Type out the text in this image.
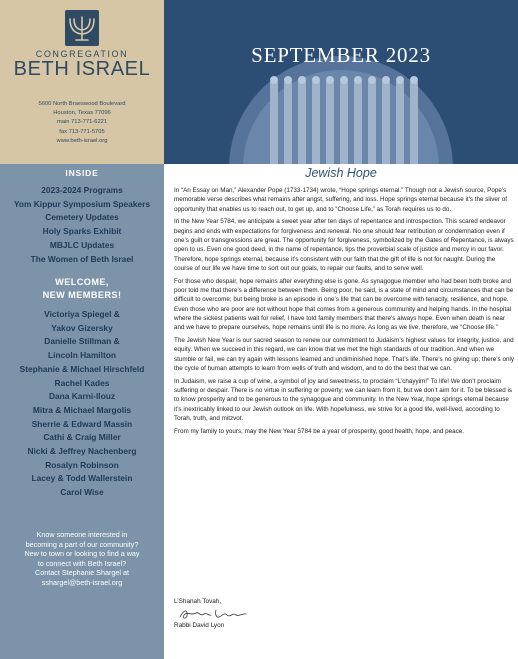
CONGREGATION
BETH ISRAEL
5600 North Braeswood Boulevard
Houston, Texas 77096
main 713-771-6221
fax 713-771-5705
www.beth-israel.org
INSIDE
2023-2024 Programs
Yom Kippur Symposium Speakers
Cemetery Updates
Holy Sparks Exhibit
MBJLC Updates
The Women of Beth Israel
WELCOME,
NEW MEMBERS!
Victoriya Spiegel &
Yakov Gizersky
Danielle Stillman &
Lincoln Hamilton
Stephanie & Michael Hirschfeld
Rachel Kades
Dana Karni-Ilouz
Mitra & Michael Margolis
Sherrie & Edward Massin
Cathi & Craig Miller
Nicki & Jeffrey Nachenberg
Rosalyn Robinson
Lacey & Todd Wallerstein
Carol Wise
Know someone interested in
becoming a part of our community?
New to town or looking to find a way
to connect with Beth Israel?
Contact Stephanie Shargel at
sshargel@beth-israel.org
SEPTEMBER 2023
Jewish Hope

In “An Essay on Man,” Alexander Pope (1733-1734) wrote, “Hope springs eternal.” Though not a Jewish source, Pope’s memorable verse describes what remains after angst, suffering, and loss. Hope springs eternal because it’s the sliver of opportunity that enables us to reach out, to get up, and to “Choose Life,” as Torah requires us to do.

In the New Year 5784, we anticipate a sweet year after ten days of repentance and introspection. This scared endeavor begins and ends with expectations for forgiveness and renewal. No one should fear retribution or condemnation even if one’s guilt or transgressions are great. The opportunity for forgiveness, symbolized by the Gates of Repentance, is always open to us. Even one good deed, in the name of repentance, tips the proverbial scale of justice and mercy in our favor. Therefore, hope springs eternal, because it’s consistent with our faith that the gift of life is not for naught. During the course of our life we have time to sort out our goals, to repair our faults, and to serve well.

For those who despair, hope remains after everything else is gone. As synagogue member who had been both broke and poor told me that there’s a difference between them. Being poor, he said, is a state of mind and circumstances that can be difficult to overcome; but being broke is an episode in one’s life that can be overcome with tenacity, resilience, and hope. Even those who are poor are not without hope that comes from a generous community and helping hands. In the hospital where the sickest patients wait for relief, I have told family members that there’s always hope. Even when death is near and we have to prepare ourselves, hope remains until life is no more. As long as we live, therefore, we “Choose life.”

The Jewish New Year is our sacred season to renew our commitment to Judaism’s highest values for integrity, justice, and equity. When we succeed in this regard, we can know that we met the high standards of our tradition. And when we stumble or fail, we can try again with lessons learned and undiminished hope. That’s life. There’s no giving up; there’s only the cycle of human attempts to learn from wells of truth and wisdom, and to do the best that we can.

In Judaism, we raise a cup of wine, a symbol of joy and sweetness, to proclaim “L’chayyim!” To life! We don’t proclaim suffering or despair. There is no virtue in suffering or poverty; we can learn from it, but we don’t aim for it. To be blessed is to know prosperity and to be generous to the synagogue and community. In the New Year, hope springs eternal because it’s inextricably linked to our Jewish outlook on life. With hopefulness, we strive for a good life, well-lived, according to Torah, truth, and mitzvot.

From my family to yours, may the New Year 5784 be a year of prosperity, good health, hope, and peace.

L’Shanah Tovah,
Rabbi David Lyon
